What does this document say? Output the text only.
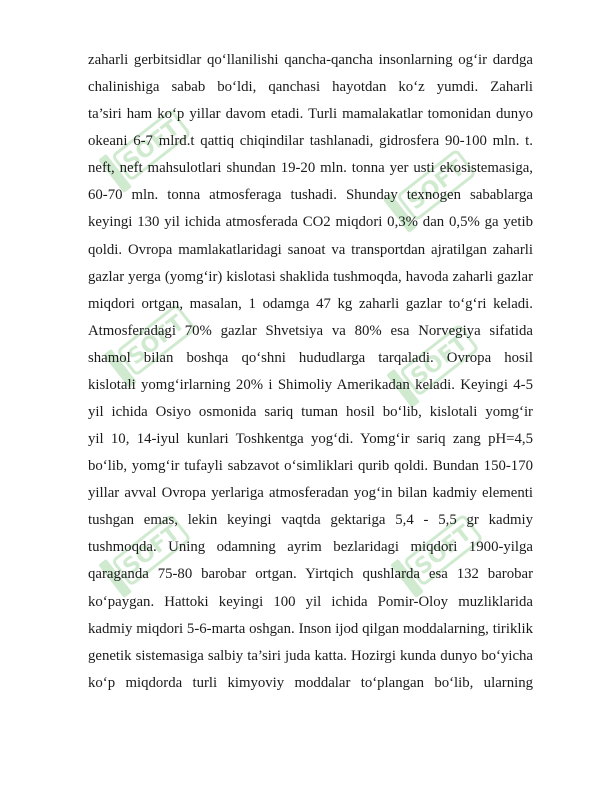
SOFT
SOFT
SOFT	SOFT
SOFT	SOFT
zaharli gerbitsidlar qo‘llanilishi qancha-qancha insonlarning og‘ir dardga
chalinishiga sabab bo‘ldi, qanchasi hayotdan ko‘z yumdi. Zaharli
ta’siri ham ko‘p yillar davom etadi. Turli mamalakatlar tomonidan dunyo
okeani 6-7 mlrd.t qattiq chiqindilar tashlanadi, gidrosfera 90-100 mln. t.
neft, neft mahsulotlari shundan 19-20 mln. tonna yer usti ekosistemasiga,
60-70 mln. tonna atmosferaga tushadi. Shunday texnogen sabablarga
keyingi 130 yil ichida atmosferada CO2 miqdori 0,3% dan 0,5% ga yetib
qoldi. Ovropa mamlakatlaridagi sanoat va transportdan ajratilgan zaharli
gazlar yerga (yomg‘ir) kislotasi shaklida tushmoqda, havoda zaharli gazlar
miqdori ortgan, masalan, 1 odamga 47 kg zaharli gazlar to‘g‘ri keladi.
Atmosferadagi 70% gazlar Shvetsiya va 80% esa Norvegiya sifatida
shamol bilan boshqa qo‘shni hududlarga tarqaladi. Ovropa hosil
kislotali yomg‘irlarning 20% i Shimoliy Amerikadan keladi. Keyingi 4-5
yil ichida Osiyo osmonida sariq tuman hosil bo‘lib, kislotali yomg‘ir
yil 10, 14-iyul kunlari Toshkentga yog‘di. Yomg‘ir sariq zang pH=4,5
bo‘lib, yomg‘ir tufayli sabzavot o‘simliklari qurib qoldi. Bundan 150-170
yillar avval Ovropa yerlariga atmosferadan yog‘in bilan kadmiy elementi
tushgan emas, lekin keyingi vaqtda gektariga 5,4 - 5,5 gr kadmiy
tushmoqda. Uning odamning ayrim bezlaridagi miqdori 1900-yilga
qaraganda 75-80 barobar ortgan. Yirtqich qushlarda esa 132 barobar
ko‘paygan. Hattoki keyingi 100 yil ichida Pomir-Oloy muzliklarida
kadmiy miqdori 5-6-marta oshgan. Inson ijod qilgan moddalarning, tiriklik
genetik sistemasiga salbiy ta’siri juda katta. Hozirgi kunda dunyo bo‘yicha
ko‘p miqdorda turli kimyoviy moddalar to‘plangan bo‘lib, ularning
